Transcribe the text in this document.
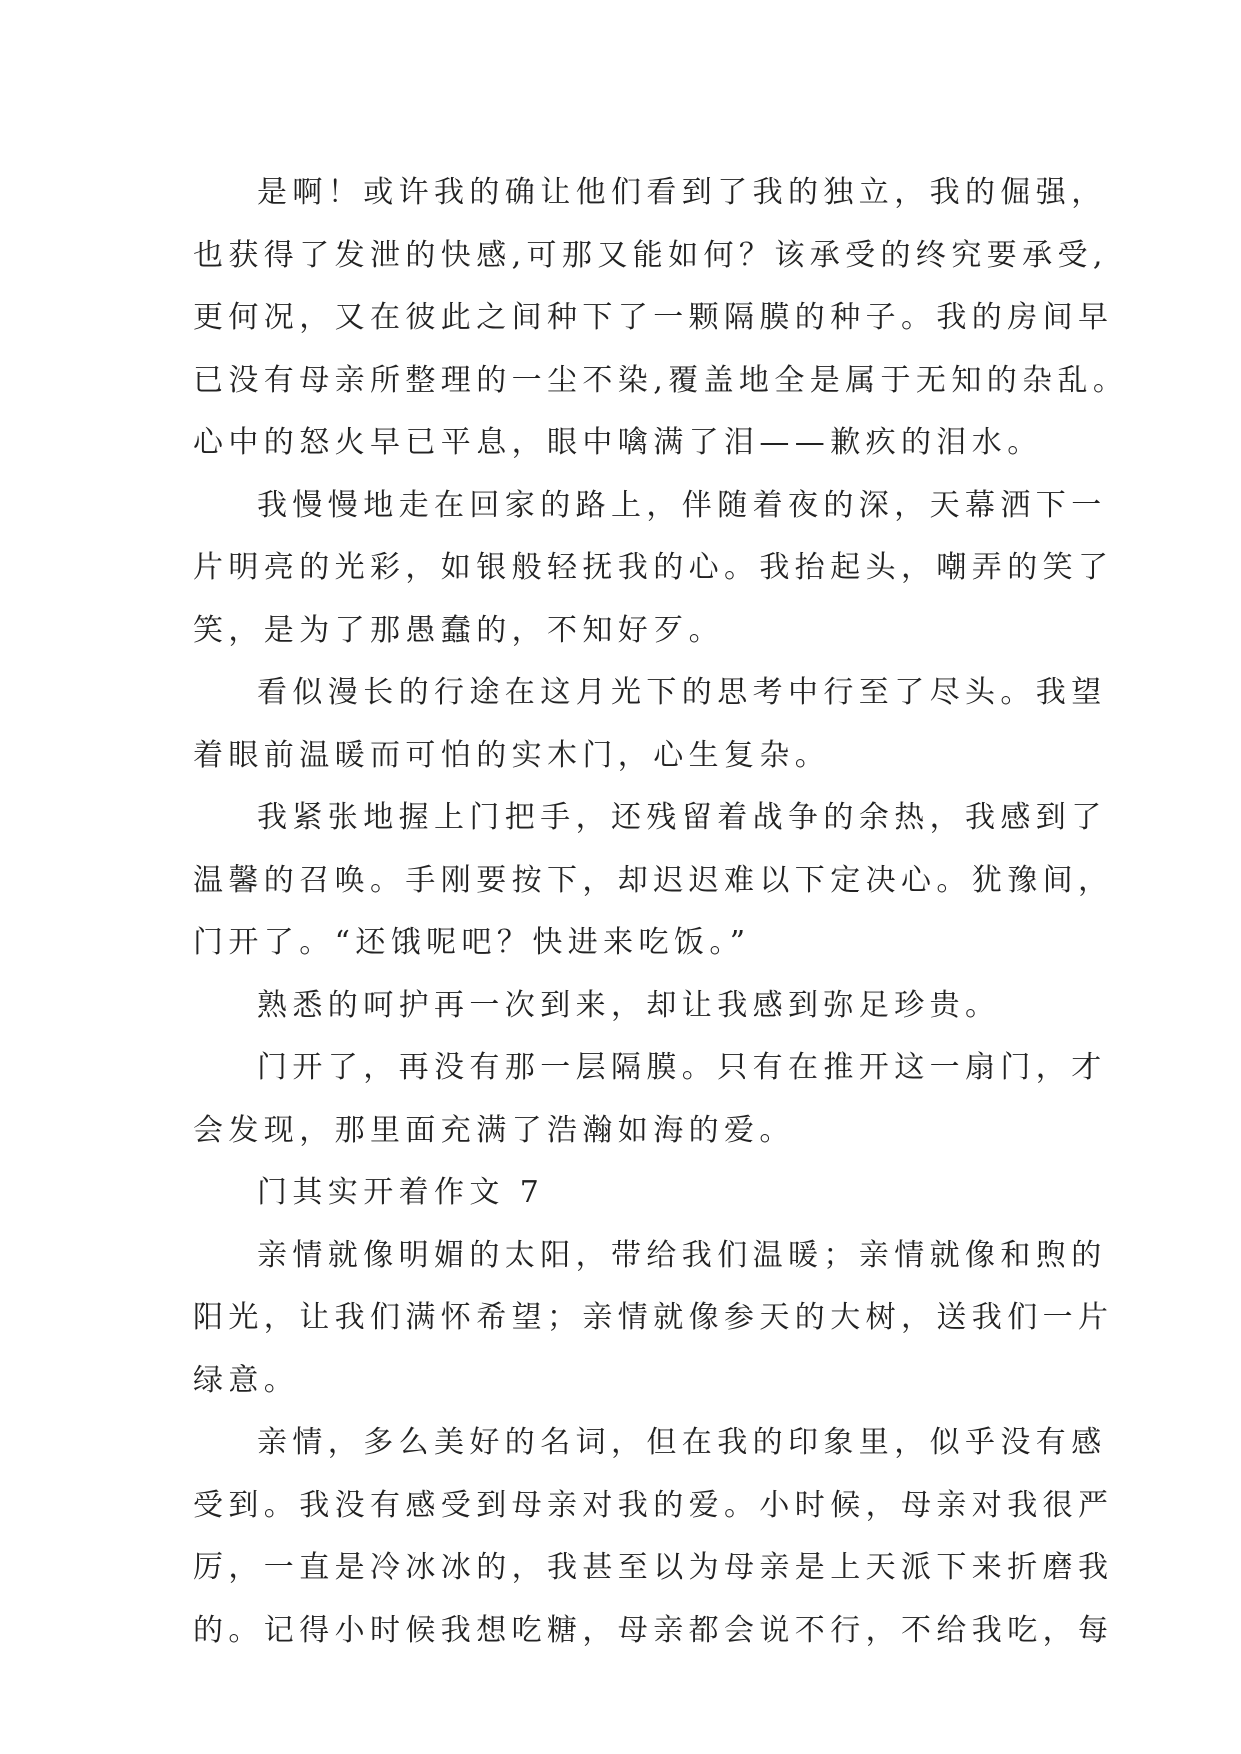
是啊！或许我的确让他们看到了我的独立，我的倔强，
也获得了发泄的快感,可那又能如何？该承受的终究要承受,
更何况，又在彼此之间种下了一颗隔膜的种子。我的房间早
已没有母亲所整理的一尘不染,覆盖地全是属于无知的杂乱。
心中的怒火早已平息，眼中噙满了泪——歉疚的泪水。
我慢慢地走在回家的路上，伴随着夜的深，天幕洒下一
片明亮的光彩，如银般轻抚我的心。我抬起头，嘲弄的笑了
笑，是为了那愚蠢的，不知好歹。
看似漫长的行途在这月光下的思考中行至了尽头。我望
着眼前温暖而可怕的实木门，心生复杂。
我紧张地握上门把手，还残留着战争的余热，我感到了
温馨的召唤。手刚要按下，却迟迟难以下定决心。犹豫间，
门开了。“还饿呢吧？快进来吃饭。”
熟悉的呵护再一次到来，却让我感到弥足珍贵。
门开了，再没有那一层隔膜。只有在推开这一扇门，才
会发现，那里面充满了浩瀚如海的爱。
门其实开着作文 7
亲情就像明媚的太阳，带给我们温暖；亲情就像和煦的
阳光，让我们满怀希望；亲情就像参天的大树，送我们一片
绿意。
亲情，多么美好的名词，但在我的印象里，似乎没有感
受到。我没有感受到母亲对我的爱。小时候，母亲对我很严
厉，一直是冷冰冰的，我甚至以为母亲是上天派下来折磨我
的。记得小时候我想吃糖，母亲都会说不行，不给我吃，每
